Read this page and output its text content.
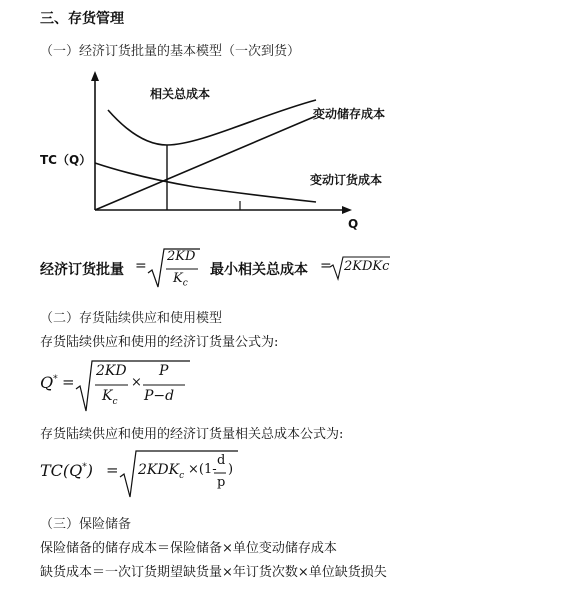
三、存货管理
（一）经济订货批量的基本模型（一次到货）
相关总成本
变动储存成本
变动订货成本
TC（Q）
Q
经济订货批量 =
2KD
$K_c$
最小相关总成本 = 2KDKc
（二）存货陆续供应和使用模型
存货陆续供应和使用的经济订货量公式为:
Q* =
2KD
$K_c$
×
P
P−d
存货陆续供应和使用的经济订货量相关总成本公式为:
$TC(Q^*) = 2KDK_c \times(1-$
d
p
)
（三）保险储备
保险储备的储存成本＝保险储备×单位变动储存成本
缺货成本＝一次订货期望缺货量×年订货次数×单位缺货损失
